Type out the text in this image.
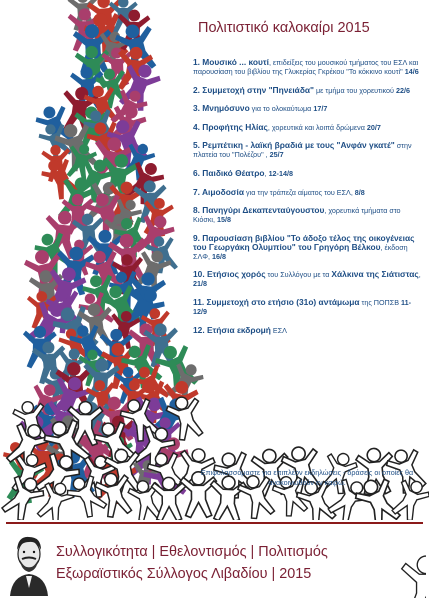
Πολιτιστικό καλοκαίρι 2015
1. Μουσικό ... κουτί, επιδείξεις του μουσικού τμήματος του ΕΣΛ και παρουσίαση του βιβλίου της Γλυκερίας Γκρέκου "Το κόκκινο κουτί" 14/6
2. Συμμετοχή στην "Πηνειάδα" με τμήμα του χορευτικού 22/6
3. Μνημόσυνο για το ολοκαύτωμα 17/7
4. Προφήτης Ηλίας, χορευτικά και λοιπά δρώμενα 20/7
5. Ρεμπέτικη - λαϊκή βραδιά με τους "Ανφάν γκατέ" στην πλατεία του "Πολέζου" , 25/7
6. Παιδικό Θέατρο, 12-14/8
7. Αιμοδοσία για την τράπεζα αίματος του ΕΣΛ, 8/8
8. Πανηγύρι Δεκαπενταύγουστου, χορευτικά τμήματα στο Κιόσκι, 15/8
9. Παρουσίαση βιβλίου "Το άδοξο τέλος της οικογένειας του Γεωργάκη Ολυμπίου" του Γρηγόρη Βέλκου, έκδοση ΣΛΦ, 16/8
10. Ετήσιος χορός του Συλλόγου με τα Χάλκινα της Σιάτιστας, 21/8
11. Συμμετοχή στο ετήσιο (31ο) αντάμωμα της ΠΟΠΣΒ 11-12/9
12. Ετήσια εκδρομή ΕΣΛ
Επιφυλασσόμαστε για επιπλέον εκδηλώσεις - δράσεις οι οποίες θα ανακοινωθούν εν καιρώ.
Συλλογικότητα | Εθελοντισμός | Πολιτισμός
Εξωραϊστικός Σύλλογος Λιβαδίου | 2015
